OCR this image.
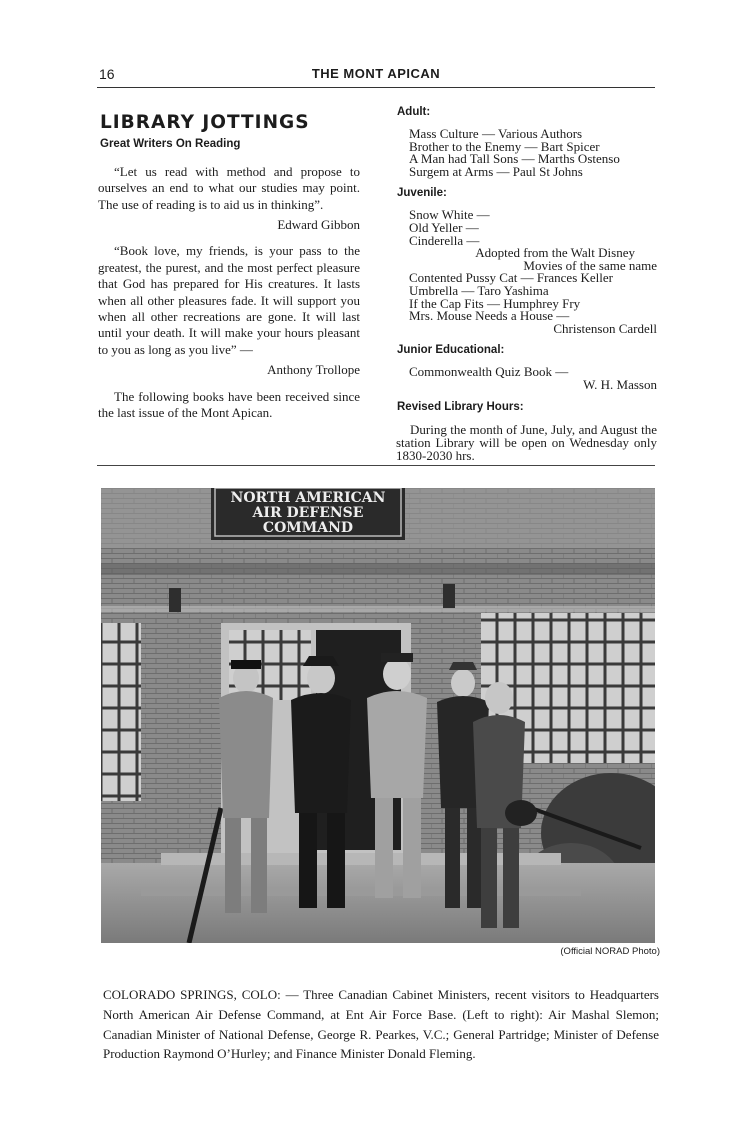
16	THE MONT APICAN
LIBRARY JOTTINGS
Great Writers On Reading

“Let us read with method and propose to ourselves an end to what our studies may point. The use of reading is to aid us in thinking”.

Edward Gibbon

“Book love, my friends, is your pass to the greatest, the purest, and the most perfect pleasure that God has prepared for His creatures. It lasts when all other pleasures fade. It will support you when all other recreations are gone. It will last until your death. It will make your hours pleasant to you as long as you live” —

Anthony Trollope

The following books have been received since the last issue of the Mont Apican.

Adult:
Mass Culture — Various Authors
Brother to the Enemy — Bart Spicer
A Man had Tall Sons — Marths Ostenso
Surgem at Arms — Paul St Johns
Juvenile:
Snow White —
Old Yeller —
Cinderella —
Adopted from the Walt Disney
Movies of the same name
Contented Pussy Cat — Frances Keller
Umbrella — Taro Yashima
If the Cap Fits — Humphrey Fry
Mrs. Mouse Needs a House —
Christenson Cardell
Junior Educational:
Commonwealth Quiz Book —
W. H. Masson
Revised Library Hours:

During the month of June, July, and August the station Library will be open on Wednesday only 1830-2030 hrs.

NORTH AMERICAN
AIR DEFENSE
COMMAND
(Official NORAD Photo)

COLORADO SPRINGS, COLO: — Three Canadian Cabinet Ministers, recent visitors to Headquarters North American Air Defense Command, at Ent Air Force Base. (Left to right): Air Mashal Slemon; Canadian Minister of National Defense, George R. Pearkes, V.C.; General Partridge; Minister of Defense Production Raymond O’Hurley; and Finance Minister Donald Fleming.
